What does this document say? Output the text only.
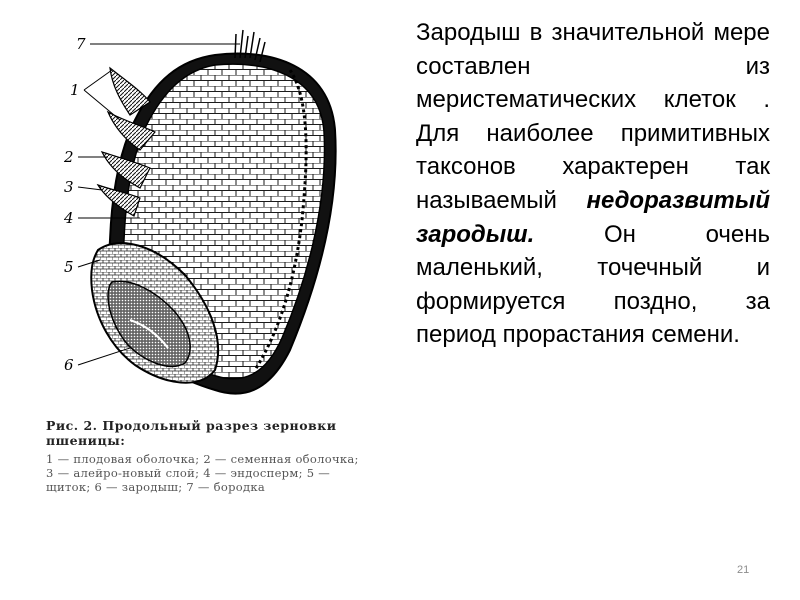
7
1
2
3
4
5
6
Рис. 2. Продольный разрез зерновки пшеницы:
1 — плодовая оболочка; 2 — семенная оболочка; 3 — алейро-новый слой; 4 — эндосперм; 5 — щиток; 6 — зародыш; 7 — бородка
Зародыш в значительной мере составлен из меристематических клеток . Для наиболее примитивных таксонов характерен так называемый недоразвитый зародыш. Он очень маленький, точечный и формируется поздно, за период прорастания семени.
21
